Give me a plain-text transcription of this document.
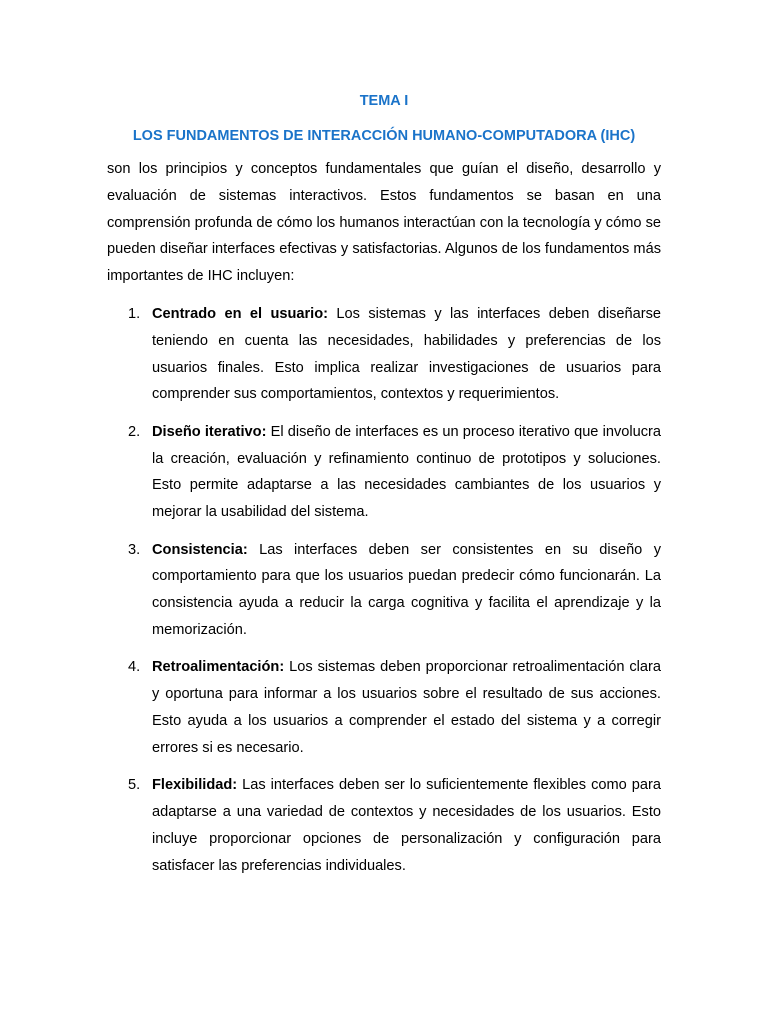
TEMA I
LOS FUNDAMENTOS DE INTERACCIÓN HUMANO-COMPUTADORA (IHC)

son los principios y conceptos fundamentales que guían el diseño, desarrollo y evaluación de sistemas interactivos. Estos fundamentos se basan en una comprensión profunda de cómo los humanos interactúan con la tecnología y cómo se pueden diseñar interfaces efectivas y satisfactorias. Algunos de los fundamentos más importantes de IHC incluyen:

1. Centrado en el usuario: Los sistemas y las interfaces deben diseñarse teniendo en cuenta las necesidades, habilidades y preferencias de los usuarios finales. Esto implica realizar investigaciones de usuarios para comprender sus comportamientos, contextos y requerimientos.
2. Diseño iterativo: El diseño de interfaces es un proceso iterativo que involucra la creación, evaluación y refinamiento continuo de prototipos y soluciones. Esto permite adaptarse a las necesidades cambiantes de los usuarios y mejorar la usabilidad del sistema.
3. Consistencia: Las interfaces deben ser consistentes en su diseño y comportamiento para que los usuarios puedan predecir cómo funcionarán. La consistencia ayuda a reducir la carga cognitiva y facilita el aprendizaje y la memorización.
4. Retroalimentación: Los sistemas deben proporcionar retroalimentación clara y oportuna para informar a los usuarios sobre el resultado de sus acciones. Esto ayuda a los usuarios a comprender el estado del sistema y a corregir errores si es necesario.
5. Flexibilidad: Las interfaces deben ser lo suficientemente flexibles como para adaptarse a una variedad de contextos y necesidades de los usuarios. Esto incluye proporcionar opciones de personalización y configuración para satisfacer las preferencias individuales.
